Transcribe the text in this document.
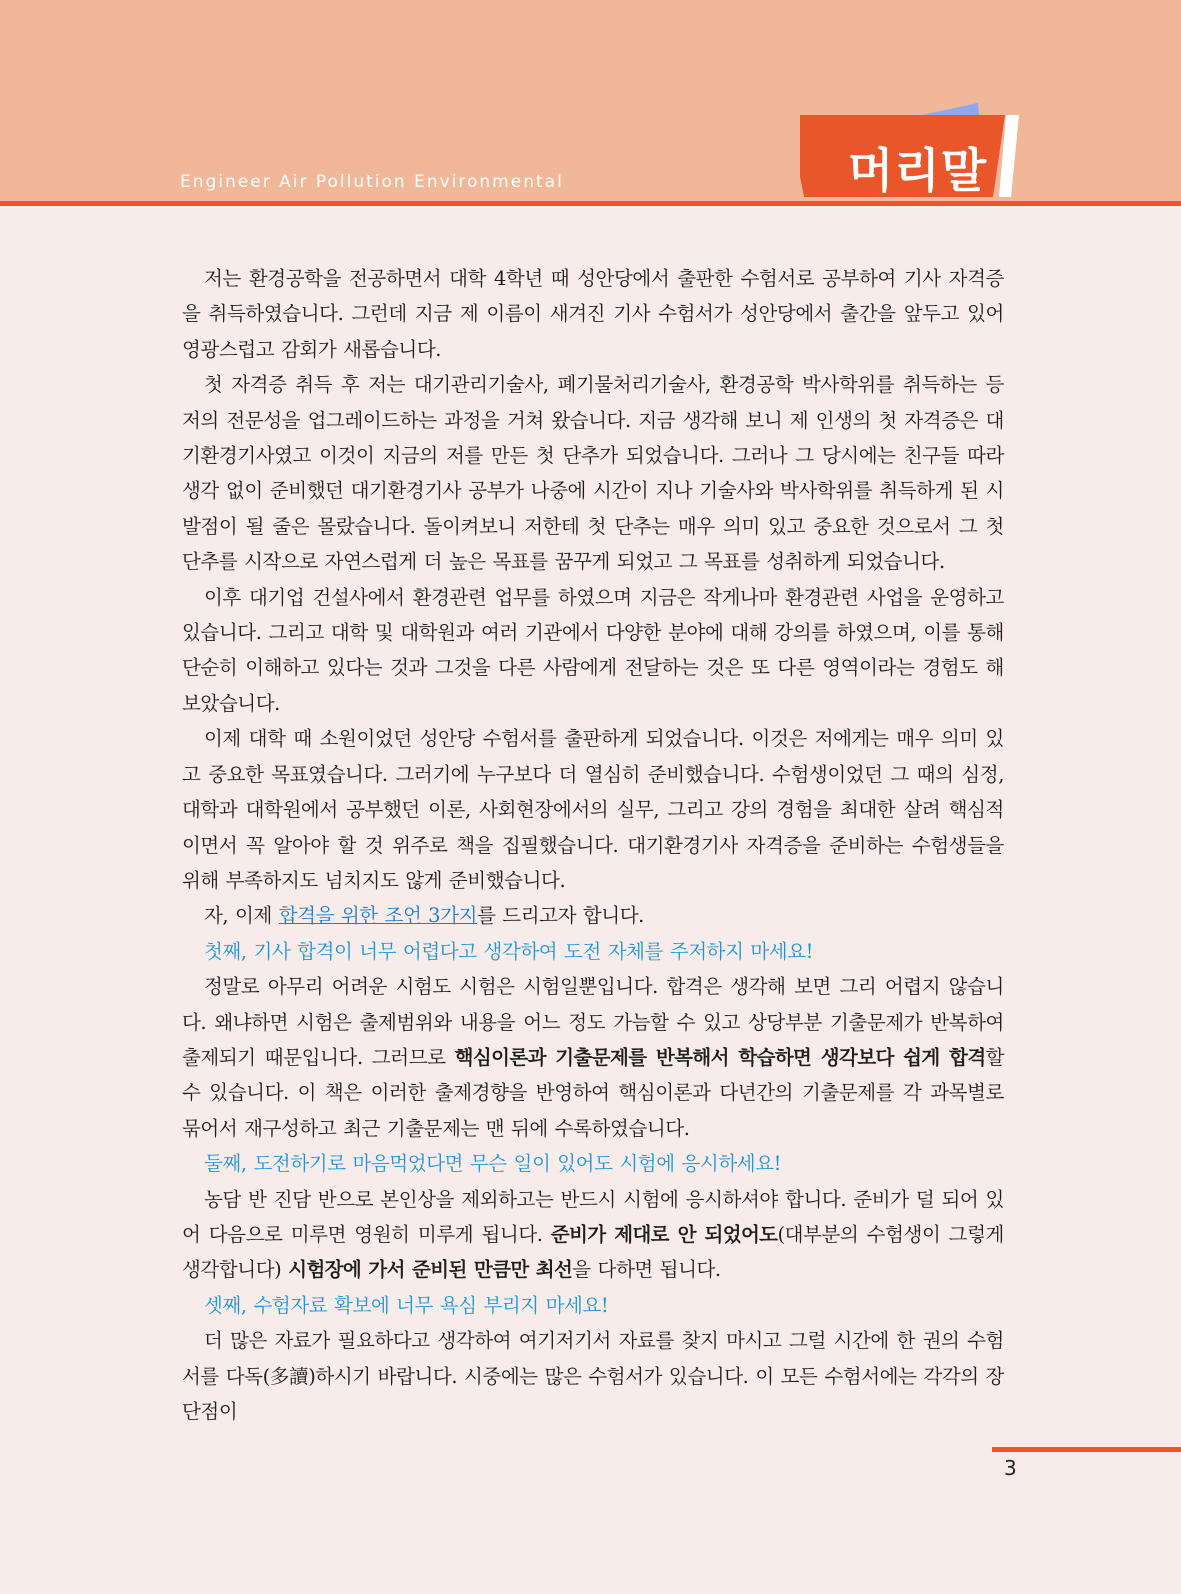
Engineer Air Pollution Environmental	머리말

저는 환경공학을 전공하면서 대학 4학년 때 성안당에서 출판한 수험서로 공부하여 기사 자격증을 취득하였습니다. 그런데 지금 제 이름이 새겨진 기사 수험서가 성안당에서 출간을 앞두고 있어 영광스럽고 감회가 새롭습니다.

첫 자격증 취득 후 저는 대기관리기술사, 폐기물처리기술사, 환경공학 박사학위를 취득하는 등 저의 전문성을 업그레이드하는 과정을 거쳐 왔습니다. 지금 생각해 보니 제 인생의 첫 자격증은 대기환경기사였고 이것이 지금의 저를 만든 첫 단추가 되었습니다. 그러나 그 당시에는 친구들 따라 생각 없이 준비했던 대기환경기사 공부가 나중에 시간이 지나 기술사와 박사학위를 취득하게 된 시발점이 될 줄은 몰랐습니다. 돌이켜보니 저한테 첫 단추는 매우 의미 있고 중요한 것으로서 그 첫 단추를 시작으로 자연스럽게 더 높은 목표를 꿈꾸게 되었고 그 목표를 성취하게 되었습니다.

이후 대기업 건설사에서 환경관련 업무를 하였으며 지금은 작게나마 환경관련 사업을 운영하고 있습니다. 그리고 대학 및 대학원과 여러 기관에서 다양한 분야에 대해 강의를 하였으며, 이를 통해 단순히 이해하고 있다는 것과 그것을 다른 사람에게 전달하는 것은 또 다른 영역이라는 경험도 해 보았습니다.

이제 대학 때 소원이었던 성안당 수험서를 출판하게 되었습니다. 이것은 저에게는 매우 의미 있고 중요한 목표였습니다. 그러기에 누구보다 더 열심히 준비했습니다. 수험생이었던 그 때의 심정, 대학과 대학원에서 공부했던 이론, 사회현장에서의 실무, 그리고 강의 경험을 최대한 살려 핵심적이면서 꼭 알아야 할 것 위주로 책을 집필했습니다. 대기환경기사 자격증을 준비하는 수험생들을 위해 부족하지도 넘치지도 않게 준비했습니다.

자, 이제 합격을 위한 조언 3가지를 드리고자 합니다.

첫째, 기사 합격이 너무 어렵다고 생각하여 도전 자체를 주저하지 마세요!

정말로 아무리 어려운 시험도 시험은 시험일뿐입니다. 합격은 생각해 보면 그리 어렵지 않습니다. 왜냐하면 시험은 출제범위와 내용을 어느 정도 가늠할 수 있고 상당부분 기출문제가 반복하여 출제되기 때문입니다. 그러므로 핵심이론과 기출문제를 반복해서 학습하면 생각보다 쉽게 합격할 수 있습니다. 이 책은 이러한 출제경향을 반영하여 핵심이론과 다년간의 기출문제를 각 과목별로 묶어서 재구성하고 최근 기출문제는 맨 뒤에 수록하였습니다.

둘째, 도전하기로 마음먹었다면 무슨 일이 있어도 시험에 응시하세요!

농담 반 진담 반으로 본인상을 제외하고는 반드시 시험에 응시하셔야 합니다. 준비가 덜 되어 있어 다음으로 미루면 영원히 미루게 됩니다. 준비가 제대로 안 되었어도(대부분의 수험생이 그렇게 생각합니다) 시험장에 가서 준비된 만큼만 최선을 다하면 됩니다.

셋째, 수험자료 확보에 너무 욕심 부리지 마세요!

더 많은 자료가 필요하다고 생각하여 여기저기서 자료를 찾지 마시고 그럴 시간에 한 권의 수험서를 다독(多讀)하시기 바랍니다. 시중에는 많은 수험서가 있습니다. 이 모든 수험서에는 각각의 장단점이

3
